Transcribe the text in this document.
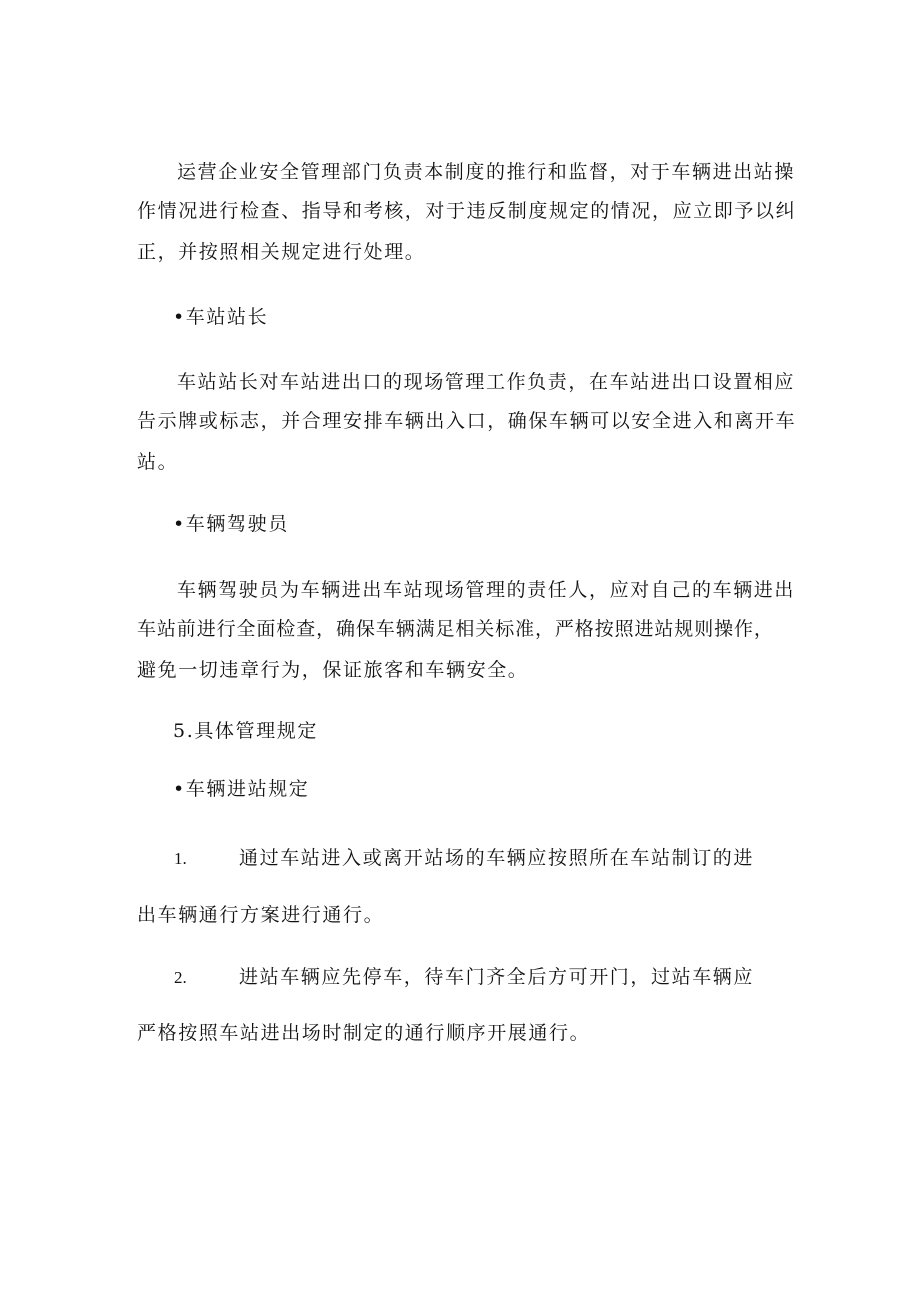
运营企业安全管理部门负责本制度的推行和监督，对于车辆进出站操
作情况进行检查、指导和考核，对于违反制度规定的情况，应立即予以纠
正，并按照相关规定进行处理。
•车站站长
车站站长对车站进出口的现场管理工作负责，在车站进出口设置相应
告示牌或标志，并合理安排车辆出入口，确保车辆可以安全进入和离开车
站。
•车辆驾驶员
车辆驾驶员为车辆进出车站现场管理的责任人，应对自己的车辆进出
车站前进行全面检查，确保车辆满足相关标准，严格按照进站规则操作，
避免一切违章行为，保证旅客和车辆安全。
5.具体管理规定
•车辆进站规定
1.	通过车站进入或离开站场的车辆应按照所在车站制订的进
出车辆通行方案进行通行。
2.	进站车辆应先停车，待车门齐全后方可开门，过站车辆应
严格按照车站进出场时制定的通行顺序开展通行。
